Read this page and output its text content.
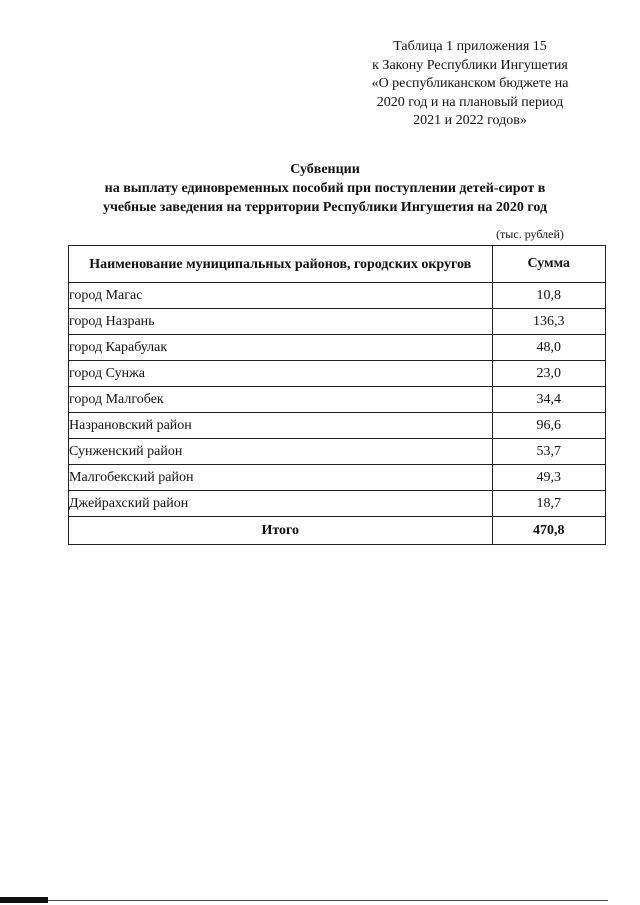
Таблица 1 приложения 15
к Закону Республики Ингушетия
«О республиканском бюджете на
2020 год и на плановый период
2021 и 2022 годов»
Субвенции
на выплату единовременных пособий при поступлении детей-сирот в
учебные заведения на территории Республики Ингушетия на 2020 год
(тыс. рублей)
Наименование муниципальных районов, городских округов	Сумма
город Магас	10,8
город Назрань	136,3
город Карабулак	48,0
город Сунжа	23,0
город Малгобек	34,4
Назрановский район	96,6
Сунженский район	53,7
Малгобекский район	49,3
Джейрахский район	18,7
Итого	470,8
